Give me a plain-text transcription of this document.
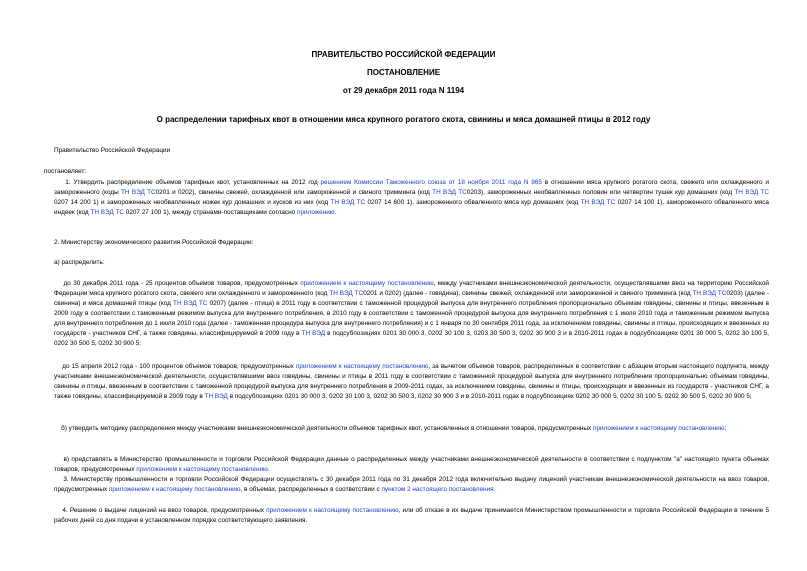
ПРАВИТЕЛЬСТВО РОССИЙСКОЙ ФЕДЕРАЦИИ
ПОСТАНОВЛЕНИЕ
от 29 декабря 2011 года N 1194
О распределении тарифных квот в отношении мяса крупного рогатого скота, свинины и мяса домашней птицы в 2012 году
Правительство Российской Федерации
постановляет:
1. Утвердить распределение объемов тарифных квот, установленных на 2012 год решением Комиссии Таможенного союза от 18 ноября 2011 года N 865 в отношении мяса крупного рогатого скота, свежего или охлажденного и замороженного (коды ТН ВЭД ТС0201 и 0202), свинины свежей, охлажденной или замороженной и свиного тримминга (код ТН ВЭД ТС0203), замороженных необвапленных половин или четвертин тушек кур домашних (код ТН ВЭД ТС 0207 14 200 1) и замороженных необвапленных ножек кур домашних и кусков из них (код ТН ВЭД ТС 0207 14 600 1), замороженного обваленного мяса кур домашних (код ТН ВЭД ТС 0207 14 100 1), замороженного обваленного мяса индеек (код ТН ВЭД ТС 0207 27 100 1), между странами-поставщиками согласно приложению.
2. Министерству экономического развития Российской Федерации:
а) распределить:
до 30 декабря 2011 года - 25 процентов объемов товаров, предусмотренных приложением к настоящему постановлению, между участниками внешнеэкономической деятельности, осуществлявшими ввоз на территорию Российской Федерации мяса крупного рогатого скота, свежего или охлажденного и замороженного (код ТН ВЭД ТС0201 и 0202) (далее - говядина), свинины свежей, охлажденной или замороженной и свиного тримминга (код ТН ВЭД ТС0203) (далее - свинина) и мяса домашней птицы (код ТН ВЭД ТС 0207) (далее - птица) в 2011 году в соответствии с таможенной процедурой выпуска для внутреннего потребления пропорционально объемам говядины, свинины и птицы, ввезенным в 2009 году в соответствии с таможенным режимом выпуска для внутреннего потребления, в 2010 году в соответствии с таможенной процедурой выпуска для внутреннего потребления с 1 июля 2010 года и таможенным режимом выпуска для внутреннего потребления до 1 июля 2010 года (далее - таможенная процедура выпуска для внутреннего потребления) и с 1 января по 30 сентября 2011 года, за исключением говядины, свинины и птицы, происходящих и ввезенных из государств - участников СНГ, а также говядины, классифицируемой в 2009 году в ТН ВЭД в подсубпозициях 0201 30 000 3, 0202 30 100 3, 0203 30 500 3, 0202 30 900 3 и в 2010-2011 годах в подсубпозициях 0201 30 000 5, 0202 30 100 5, 0202 30 500 5, 0202 30 900 5;
до 15 апреля 2012 года - 100 процентов объемов товаров, предусмотренных приложением к настоящему постановлению, за вычетом объемов товаров, распределенных в соответствии с абзацем вторым настоящего подпункта, между участниками внешнеэкономической деятельности, осуществлявшими ввоз говядины, свинины и птицы в 2011 году в соответствии с таможенной процедурой выпуска для внутреннего потребления пропорционально объемам говядины, свинины и птицы, ввезенным в соответствии с таможенной процедурой выпуска для внутреннего потребления в 2009-2011 годах, за исключением говядины, свинины и птицы, происходящих и ввезенных из государств - участников СНГ, а также говядины, классифицируемой в 2009 году в ТН ВЭД в подсубпозициях 0201 30 000 3, 0202 30 100 3, 0202 30 500 3, 0202 30 900 3 и в 2010-2011 годах в подсубпозициях 0202 30 000 5, 0202 30 100 5, 0202 30 500 5, 0202 30 900 5;
б) утвердить методику распределения между участниками внешнеэкономической деятельности объемов тарифных квот, установленных в отношении товаров, предусмотренных приложением к настоящему постановлению;
в) представлять в Министерство промышленности и торговли Российской Федерации данные о распределенных между участниками внешнеэкономической деятельности в соответствии с подпунктом "а" настоящего пункта объемах товаров, предусмотренных приложением к настоящему постановлению.
3. Министерству промышленности и торговли Российской Федерации осуществлять с 30 декабря 2011 года по 31 декабря 2012 года включительно выдачу лицензий участникам внешнеэкономической деятельности на ввоз товаров, предусмотренных приложением к настоящему постановлению, в объемах, распределенных в соответствии с пунктом 2 настоящего постановления.
4. Решение о выдаче лицензий на ввоз товаров, предусмотренных приложением к настоящему постановлению, или об отказе в их выдаче принимается Министерством промышленности и торговли Российской Федерации в течение 5 рабочих дней со дня подачи в установленном порядке соответствующего заявления.
